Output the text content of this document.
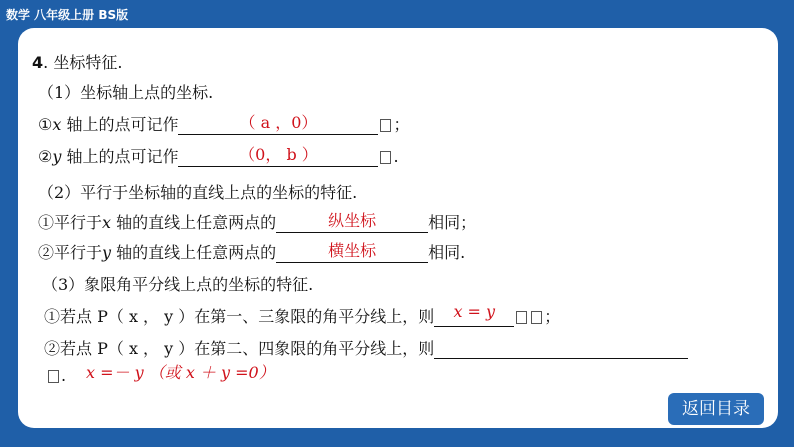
数学 八年级上册 BS版
4. 坐标特征.
（1）坐标轴上点的坐标.
①x 轴上的点可记作	（ a ，0）	；
②y 轴上的点可记作	（0， b ）	.
（2）平行于坐标轴的直线上点的坐标的特征.
①平行于x 轴的直线上任意两点的	纵坐标	相同；
②平行于y 轴的直线上任意两点的	横坐标	相同.
（3）象限角平分线上点的坐标的特征.
①若点 P（ x ， y ）在第一、三象限的角平分线上，则	x = y	；
②若点 P（ x ， y ）在第二、四象限的角平分线上，则
. x =－ y （或 x ＋ y =0）
返回目录
